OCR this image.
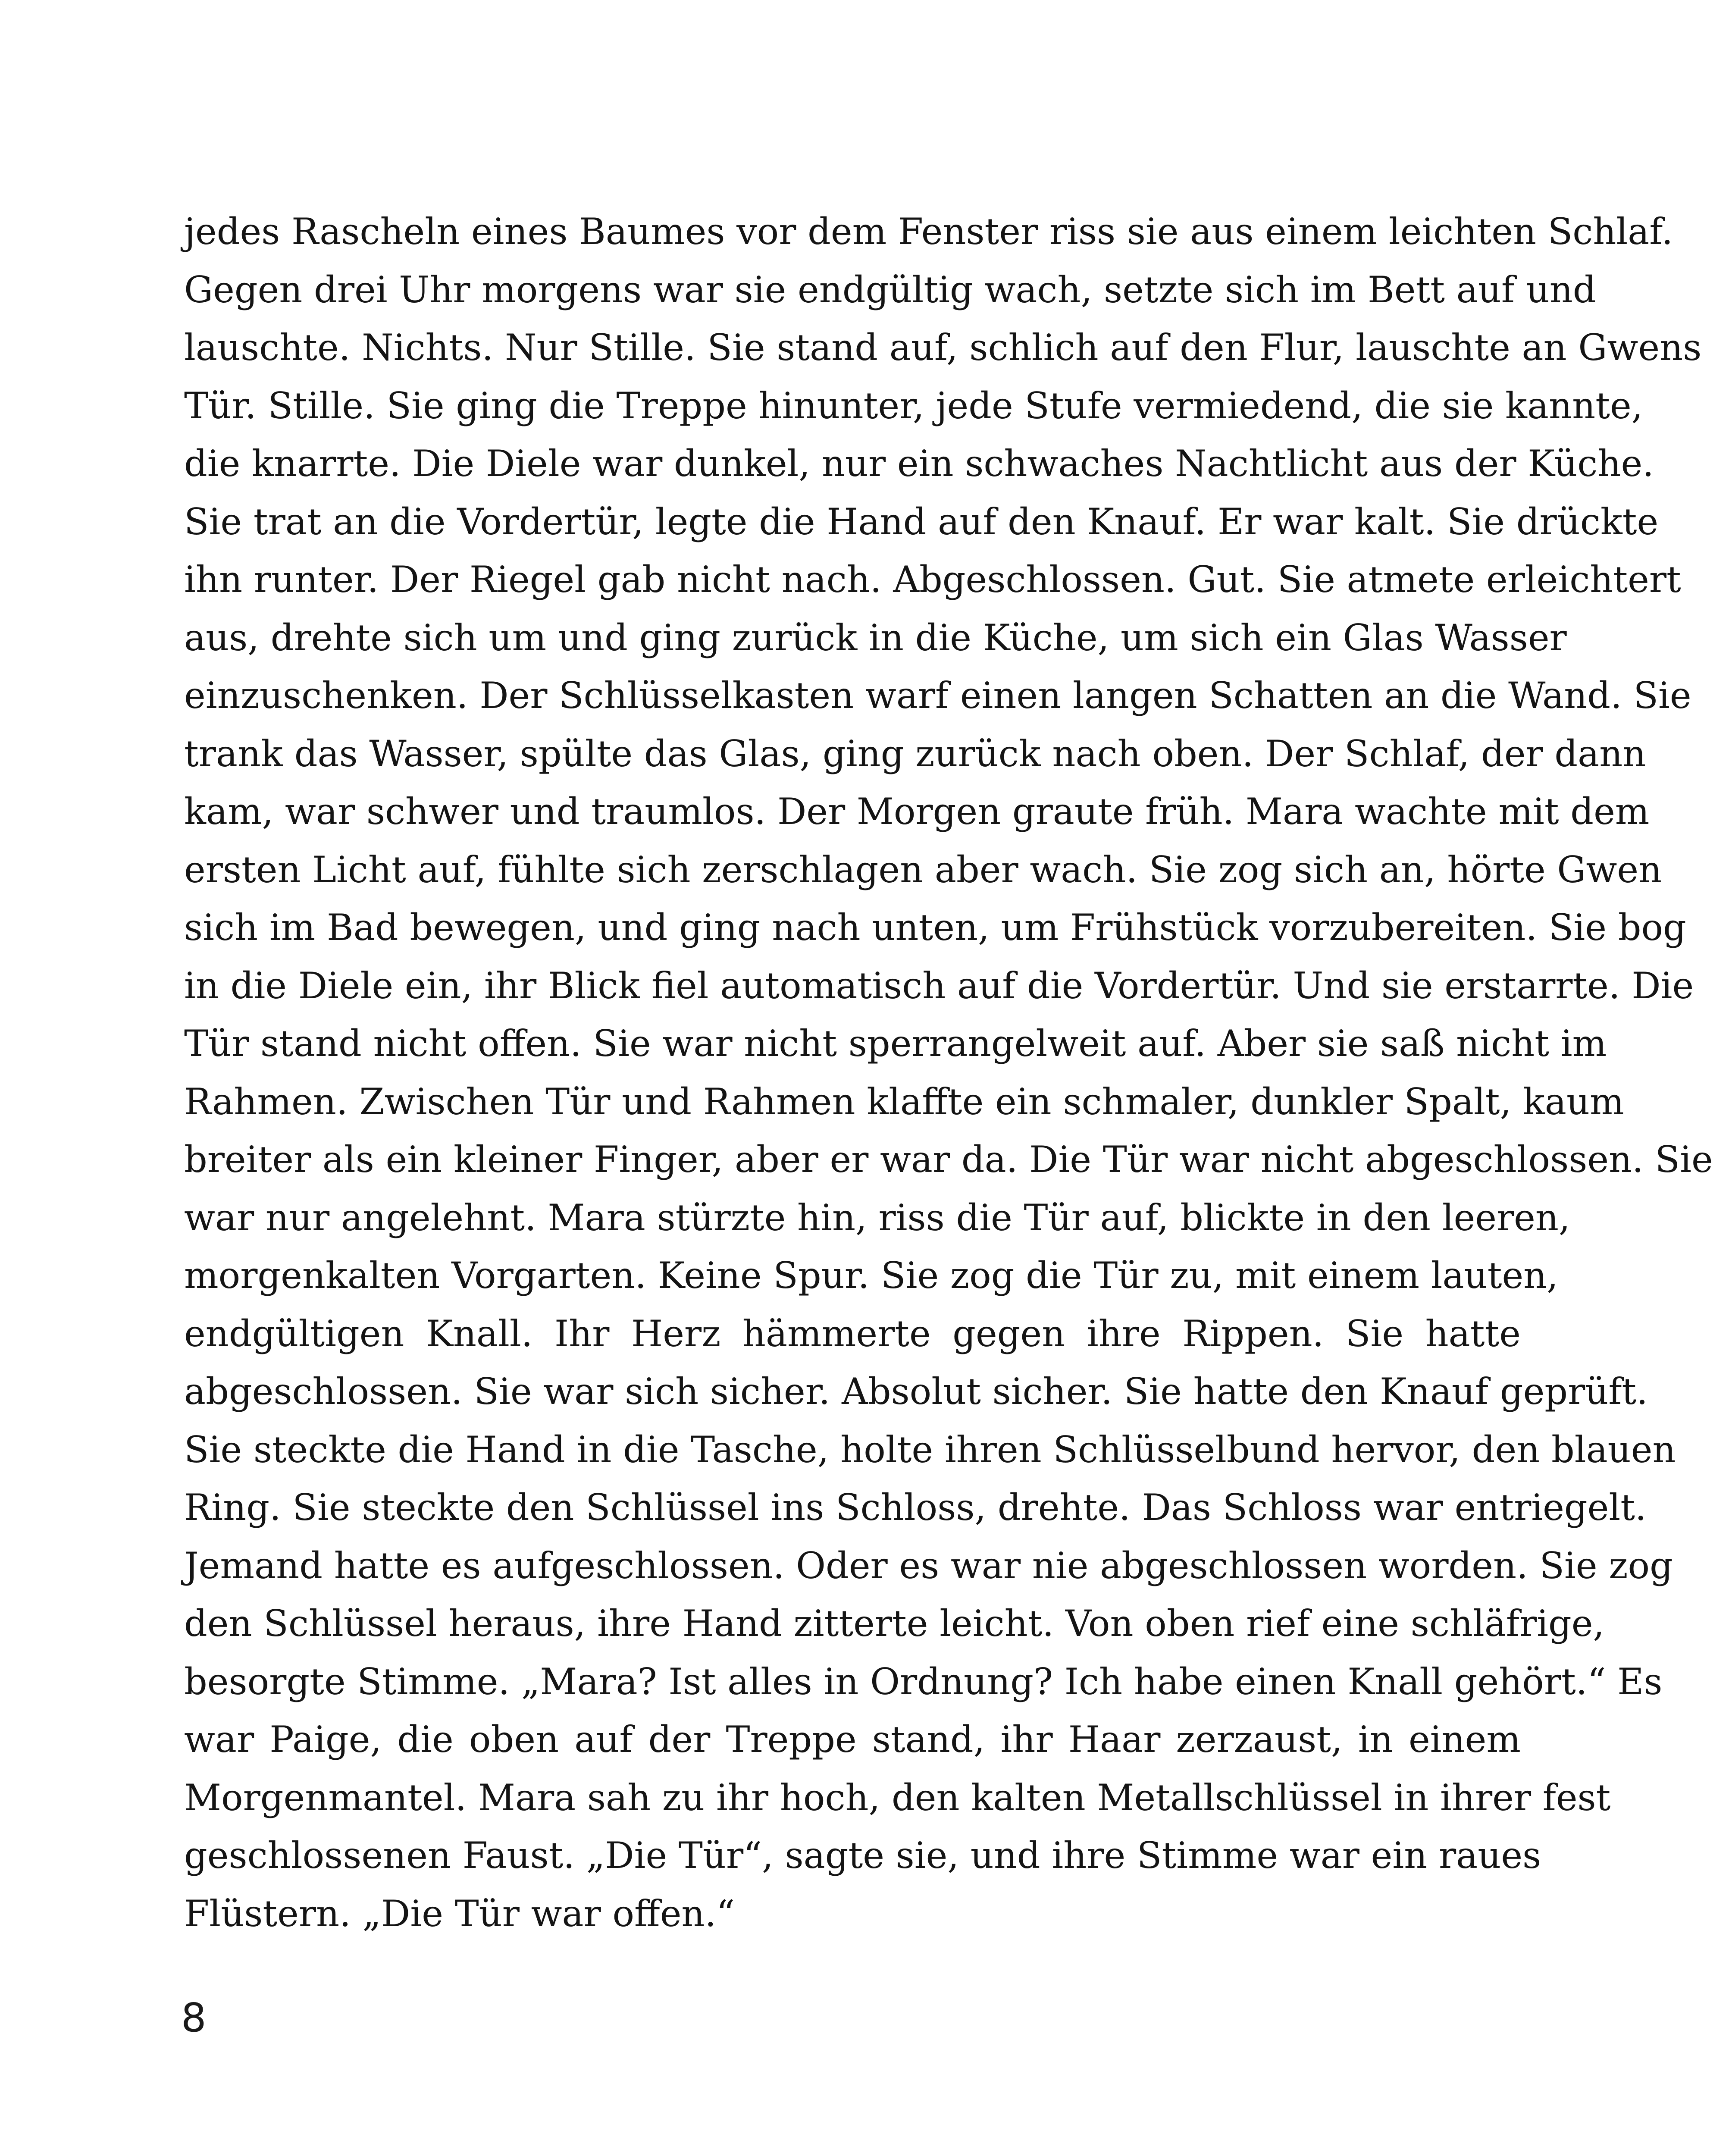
jedes Rascheln eines Baumes vor dem Fenster riss sie aus einem leichten Schlaf.
Gegen drei Uhr morgens war sie endgültig wach, setzte sich im Bett auf und
lauschte. Nichts. Nur Stille. Sie stand auf, schlich auf den Flur, lauschte an Gwens
Tür. Stille. Sie ging die Treppe hinunter, jede Stufe vermiedend, die sie kannte,
die knarrte. Die Diele war dunkel, nur ein schwaches Nachtlicht aus der Küche.
Sie trat an die Vordertür, legte die Hand auf den Knauf. Er war kalt. Sie drückte
ihn runter. Der Riegel gab nicht nach. Abgeschlossen. Gut. Sie atmete erleichtert
aus, drehte sich um und ging zurück in die Küche, um sich ein Glas Wasser
einzuschenken. Der Schlüsselkasten warf einen langen Schatten an die Wand. Sie
trank das Wasser, spülte das Glas, ging zurück nach oben. Der Schlaf, der dann
kam, war schwer und traumlos. Der Morgen graute früh. Mara wachte mit dem
ersten Licht auf, fühlte sich zerschlagen aber wach. Sie zog sich an, hörte Gwen
sich im Bad bewegen, und ging nach unten, um Frühstück vorzubereiten. Sie bog
in die Diele ein, ihr Blick fiel automatisch auf die Vordertür. Und sie erstarrte. Die
Tür stand nicht offen. Sie war nicht sperrangelweit auf. Aber sie saß nicht im
Rahmen. Zwischen Tür und Rahmen klaffte ein schmaler, dunkler Spalt, kaum
breiter als ein kleiner Finger, aber er war da. Die Tür war nicht abgeschlossen. Sie
war nur angelehnt. Mara stürzte hin, riss die Tür auf, blickte in den leeren,
morgenkalten Vorgarten. Keine Spur. Sie zog die Tür zu, mit einem lauten,
endgültigen Knall. Ihr Herz hämmerte gegen ihre Rippen. Sie hatte
abgeschlossen. Sie war sich sicher. Absolut sicher. Sie hatte den Knauf geprüft.
Sie steckte die Hand in die Tasche, holte ihren Schlüsselbund hervor, den blauen
Ring. Sie steckte den Schlüssel ins Schloss, drehte. Das Schloss war entriegelt.
Jemand hatte es aufgeschlossen. Oder es war nie abgeschlossen worden. Sie zog
den Schlüssel heraus, ihre Hand zitterte leicht. Von oben rief eine schläfrige,
besorgte Stimme. „Mara? Ist alles in Ordnung? Ich habe einen Knall gehört.“ Es
war Paige, die oben auf der Treppe stand, ihr Haar zerzaust, in einem
Morgenmantel. Mara sah zu ihr hoch, den kalten Metallschlüssel in ihrer fest
geschlossenen Faust. „Die Tür“, sagte sie, und ihre Stimme war ein raues
Flüstern. „Die Tür war offen.“
8
